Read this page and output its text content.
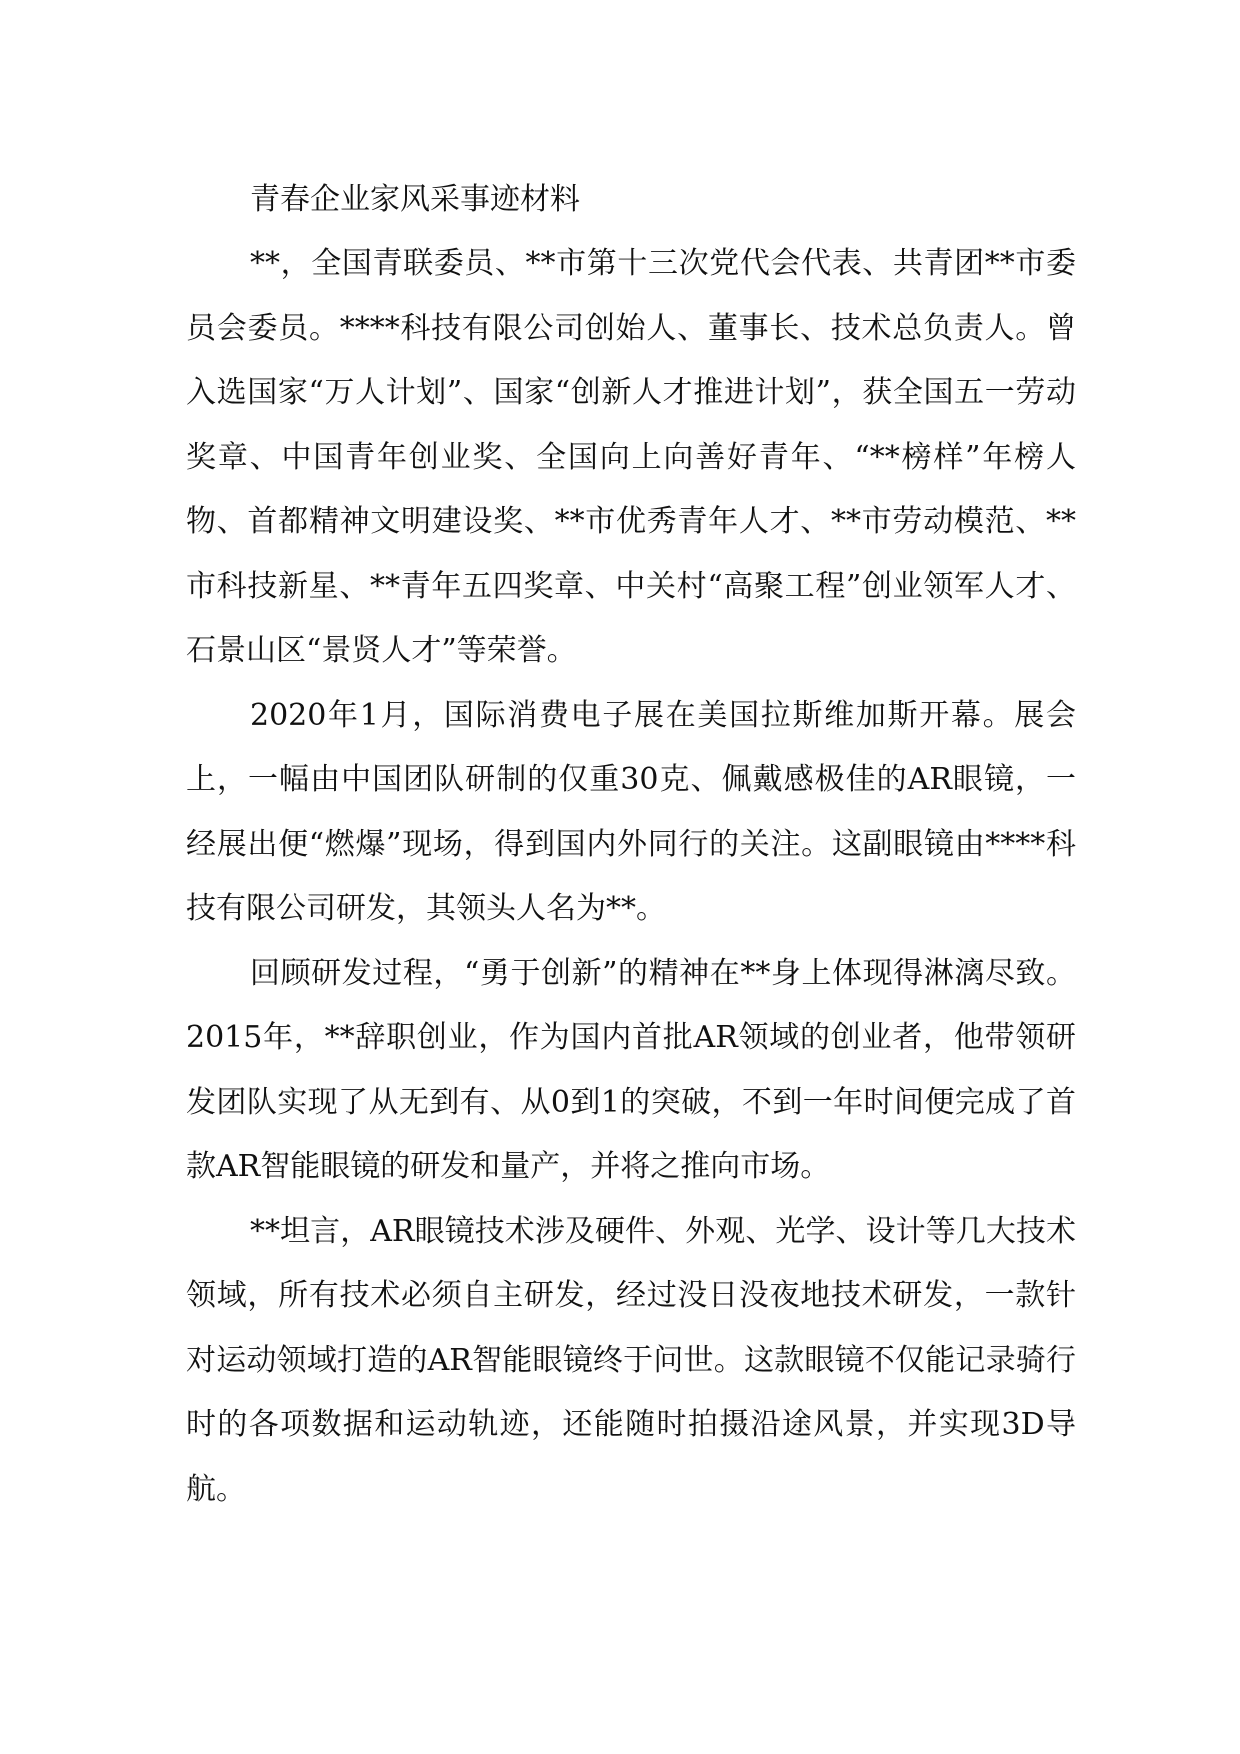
青春企业家风采事迹材料

**，全国青联委员、**市第十三次党代会代表、共青团**市委员会委员。****科技有限公司创始人、董事长、技术总负责人。曾入选国家“万人计划”、国家“创新人才推进计划”，获全国五一劳动奖章、中国青年创业奖、全国向上向善好青年、“**榜样”年榜人物、首都精神文明建设奖、**市优秀青年人才、**市劳动模范、**市科技新星、**青年五四奖章、中关村“高聚工程”创业领军人才、石景山区“景贤人才”等荣誉。

2020年1月，国际消费电子展在美国拉斯维加斯开幕。展会上，一幅由中国团队研制的仅重30克、佩戴感极佳的AR眼镜，一经展出便“燃爆”现场，得到国内外同行的关注。这副眼镜由****科技有限公司研发，其领头人名为**。

回顾研发过程，“勇于创新”的精神在**身上体现得淋漓尽致。2015年，**辞职创业，作为国内首批AR领域的创业者，他带领研发团队实现了从无到有、从0到1的突破，不到一年时间便完成了首款AR智能眼镜的研发和量产，并将之推向市场。

**坦言，AR眼镜技术涉及硬件、外观、光学、设计等几大技术领域，所有技术必须自主研发，经过没日没夜地技术研发，一款针对运动领域打造的AR智能眼镜终于问世。这款眼镜不仅能记录骑行时的各项数据和运动轨迹，还能随时拍摄沿途风景，并实现3D导航。
